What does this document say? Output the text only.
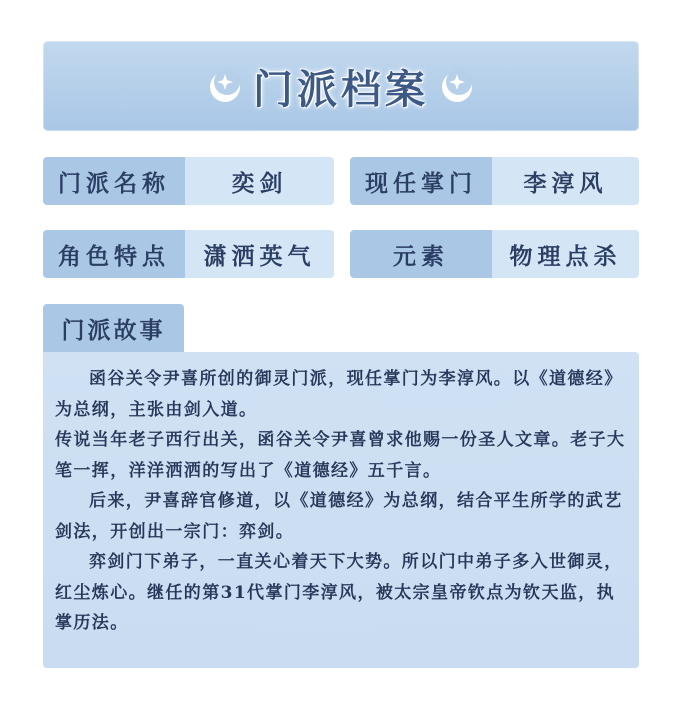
门派档案
门派名称	奕剑	现任掌门	李淳风
角色特点	潇洒英气	元素	物理点杀
门派故事

函谷关令尹喜所创的御灵门派，现任掌门为李淳风。以《道德经》为总纲，主张由剑入道。

传说当年老子西行出关，函谷关令尹喜曾求他赐一份圣人文章。老子大笔一挥，洋洋洒洒的写出了《道德经》五千言。

后来，尹喜辞官修道，以《道德经》为总纲，结合平生所学的武艺剑法，开创出一宗门：弈剑。

弈剑门下弟子，一直关心着天下大势。所以门中弟子多入世御灵，红尘炼心。继任的第31代掌门李淳风，被太宗皇帝钦点为钦天监，执掌历法。
